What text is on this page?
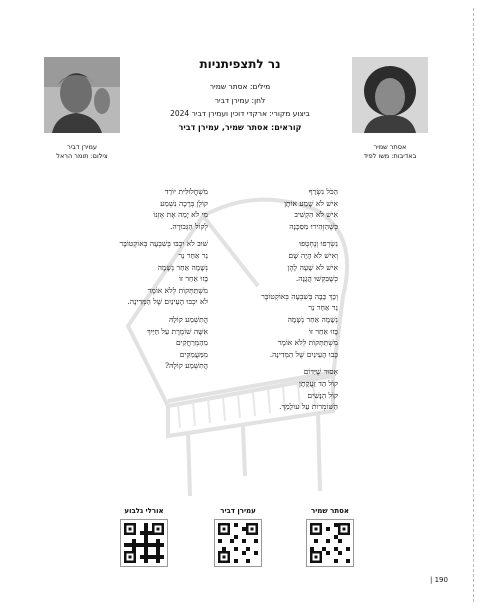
עמירן דביר
צילום: תומר הראל
אסתר שמיר
באדיבות: משו לפיד
נר לתצפיתניות
מילים: אסתר שמיר
לחן: עמירן דביר
ביצוע מקורי: ארקדי דוכין ועמירן דביר 2024
קוראים: אסתר שמיר, עמירן דביר
הַכֹּל נִשְׂרַף
אִישׁ לֹא שָׁמַע אוֹתָן
אִישׁ לֹא הִקְשִׁיב
כְּשֶׁהַזְּהִירוּ מִסַּכָּנָה
נִשְׂרְפוּ וְנֶחְטְפוּ
וְאִישׁ לֹא הָיָה שָׁם
אִישׁ לֹא שָׁעָה לָהֶן
כְּשֶׁבִּקְשׁוּ הֲגָנָה.
וְכָךְ כָּבָה בְּשִׁבְעָה בְּאוֹקְטוֹבֶּר
נֵר אַחַר נֵר
נְשָׁמָה אַחַר נְשָׁמָה
בָּזוּ אַחַר זוֹ
מִשְׁתַּתְּקוֹת לְלֹא אוֹמֶר
כָּבוּ הָעֵינַיִם שֶׁל הַמְּדִינָה.
אָסוּר שֶׁיִּדּוֹם
קוֹל הַד זַעֲקָתָן
קוֹל הַנָּשִׁים
הַשּׁוֹמְרוֹת עַל עוֹלָמֵךְ.
מִשְׁחֲלוּלִית יוֹרֵד
קוֹלָן בְּרָכָה נִשְׁמַע
מִי לֹא יָמֵה אֶת אָזְנוֹ
לְקוֹל הַגְּבוּרָה.
שׁוּב לֹא יִכְבּוּ בְּשִׁבְעָה בְּאוֹקְטוֹבֶּר
נֵר אַחַר נֵר
נְשָׁמָה אַחַר נְשָׁמָה
בָּזוּ אַחַר זוֹ
מִשְׁתַּתְּקוֹת לְלֹא אוֹמֶר
לֹא יִכְבּוּ הָעֵינַיִם שֶׁל הַמְּדִינָה.
הֲתִשְׁמַע קוֹלָהּ
אִשָּׁה שׁוֹמֶרֶת עַל חַיַּיִךְ
מֵהַמְּרַחֲקִים
מִמַּעֲמַקִּים
הֲתִשְׁמַע קוֹלָהּ?
אסתר שמיר
עמירן דביר
אורלי גלבוע
| 190
